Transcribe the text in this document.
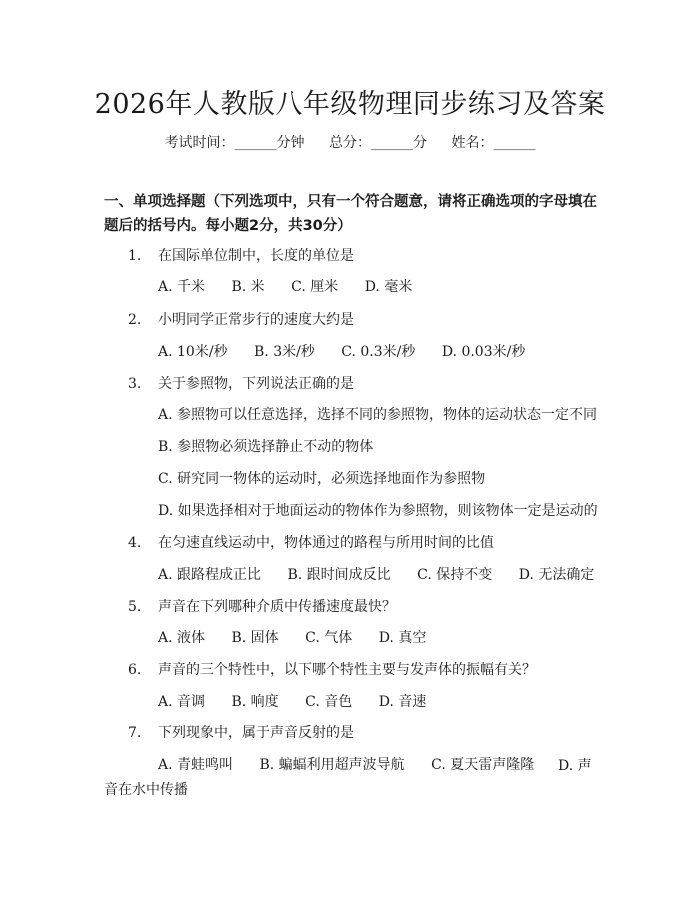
2026年人教版八年级物理同步练习及答案
考试时间：______分钟 总分：______分 姓名：______
一、单项选择题（下列选项中，只有一个符合题意，请将正确选项的字母填在题后的括号内。每小题2分，共30分）
1. 在国际单位制中，长度的单位是
A. 千米 B. 米 C. 厘米 D. 毫米
2. 小明同学正常步行的速度大约是
A. 10米/秒 B. 3米/秒 C. 0.3米/秒 D. 0.03米/秒
3. 关于参照物，下列说法正确的是
A. 参照物可以任意选择，选择不同的参照物，物体的运动状态一定不同
B. 参照物必须选择静止不动的物体
C. 研究同一物体的运动时，必须选择地面作为参照物
D. 如果选择相对于地面运动的物体作为参照物，则该物体一定是运动的
4. 在匀速直线运动中，物体通过的路程与所用时间的比值
A. 跟路程成正比 B. 跟时间成反比 C. 保持不变 D. 无法确定
5. 声音在下列哪种介质中传播速度最快？
A. 液体 B. 固体 C. 气体 D. 真空
6. 声音的三个特性中，以下哪个特性主要与发声体的振幅有关？
A. 音调 B. 响度 C. 音色 D. 音速
7. 下列现象中，属于声音反射的是
A. 青蛙鸣叫 B. 蝙蝠利用超声波导航 C. 夏天雷声隆隆	D. 声音在水中传播
